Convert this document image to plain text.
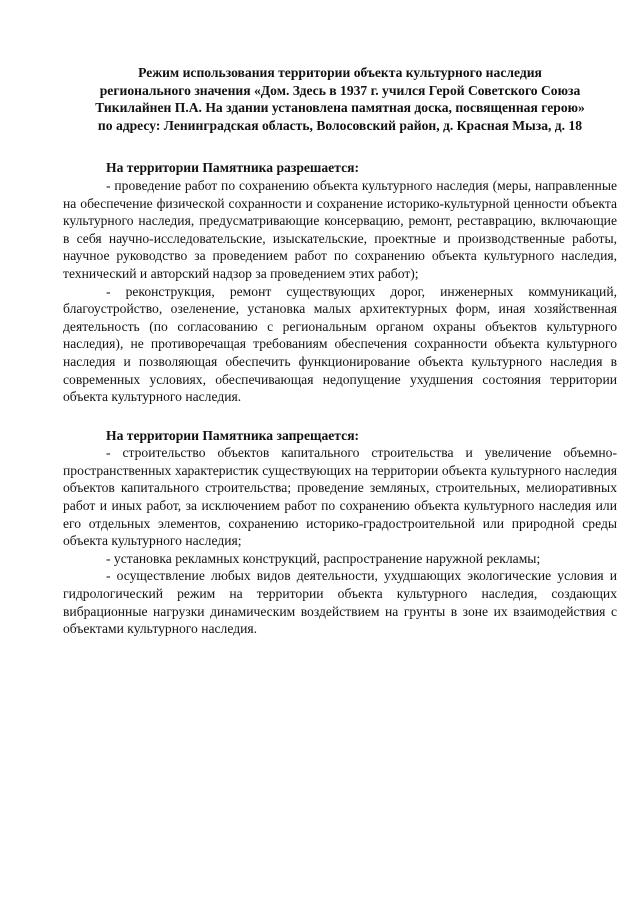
Режим использования территории объекта культурного наследия
регионального значения «Дом. Здесь в 1937 г. учился Герой Советского Союза
Тикилайнен П.А. На здании установлена памятная доска, посвященная герою»
по адресу: Ленинградская область, Волосовский район, д. Красная Мыза, д. 18

На территории Памятника разрешается:

- проведение работ по сохранению объекта культурного наследия (меры, направленные на обеспечение физической сохранности и сохранение историко-культурной ценности объекта культурного наследия, предусматривающие консервацию, ремонт, реставрацию, включающие в себя научно-исследовательские, изыскательские, проектные и производственные работы, научное руководство за проведением работ по сохранению объекта культурного наследия, технический и авторский надзор за проведением этих работ);

- реконструкция, ремонт существующих дорог, инженерных коммуникаций, благоустройство, озеленение, установка малых архитектурных форм, иная хозяйственная деятельность (по согласованию с региональным органом охраны объектов культурного наследия), не противоречащая требованиям обеспечения сохранности объекта культурного наследия и позволяющая обеспечить функционирование объекта культурного наследия в современных условиях, обеспечивающая недопущение ухудшения состояния территории объекта культурного наследия.

На территории Памятника запрещается:

- строительство объектов капитального строительства и увеличение объемно-пространственных характеристик существующих на территории объекта культурного наследия объектов капитального строительства; проведение земляных, строительных, мелиоративных работ и иных работ, за исключением работ по сохранению объекта культурного наследия или его отдельных элементов, сохранению историко-градостроительной или природной среды объекта культурного наследия;

- установка рекламных конструкций, распространение наружной рекламы;

- осуществление любых видов деятельности, ухудшающих экологические условия и гидрологический режим на территории объекта культурного наследия, создающих вибрационные нагрузки динамическим воздействием на грунты в зоне их взаимодействия с объектами культурного наследия.
